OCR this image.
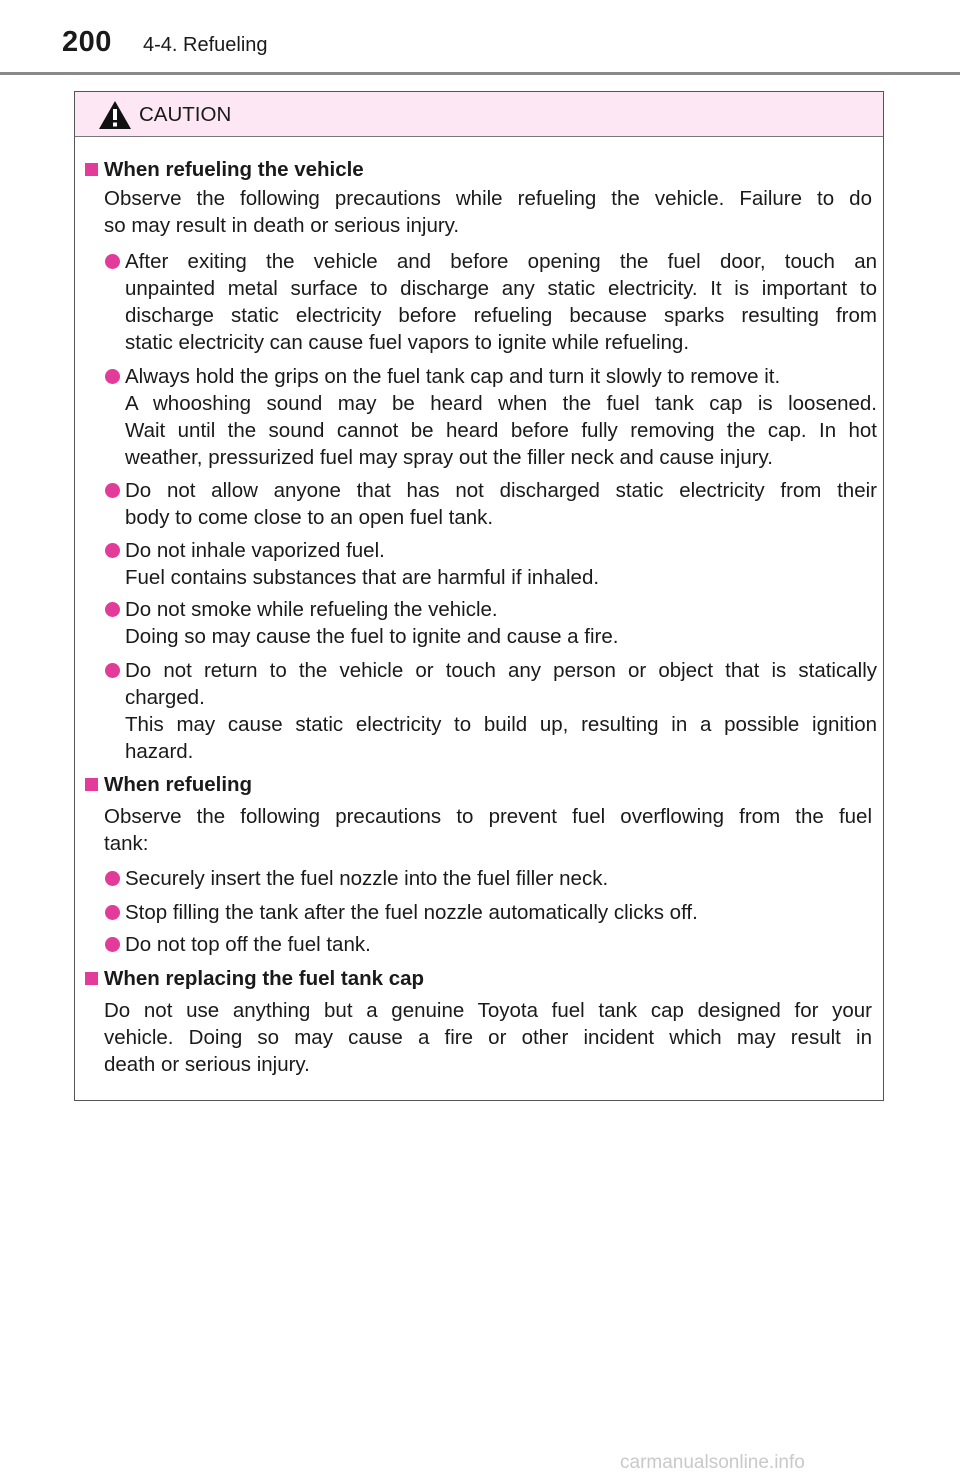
200 4-4. Refueling
CAUTION
When refueling the vehicle
Observe the following precautions while refueling the vehicle. Failure to do
so may result in death or serious injury.
After exiting the vehicle and before opening the fuel door, touch an
unpainted metal surface to discharge any static electricity. It is important to
discharge static electricity before refueling because sparks resulting from
static electricity can cause fuel vapors to ignite while refueling.
Always hold the grips on the fuel tank cap and turn it slowly to remove it.
A whooshing sound may be heard when the fuel tank cap is loosened.
Wait until the sound cannot be heard before fully removing the cap. In hot
weather, pressurized fuel may spray out the filler neck and cause injury.
Do not allow anyone that has not discharged static electricity from their
body to come close to an open fuel tank.
Do not inhale vaporized fuel.
Fuel contains substances that are harmful if inhaled.
Do not smoke while refueling the vehicle.
Doing so may cause the fuel to ignite and cause a fire.
Do not return to the vehicle or touch any person or object that is statically
charged.
This may cause static electricity to build up, resulting in a possible ignition
hazard.
When refueling
Observe the following precautions to prevent fuel overflowing from the fuel
tank:
Securely insert the fuel nozzle into the fuel filler neck.
Stop filling the tank after the fuel nozzle automatically clicks off.
Do not top off the fuel tank.
When replacing the fuel tank cap
Do not use anything but a genuine Toyota fuel tank cap designed for your
vehicle. Doing so may cause a fire or other incident which may result in
death or serious injury.
carmanualsonline.info
